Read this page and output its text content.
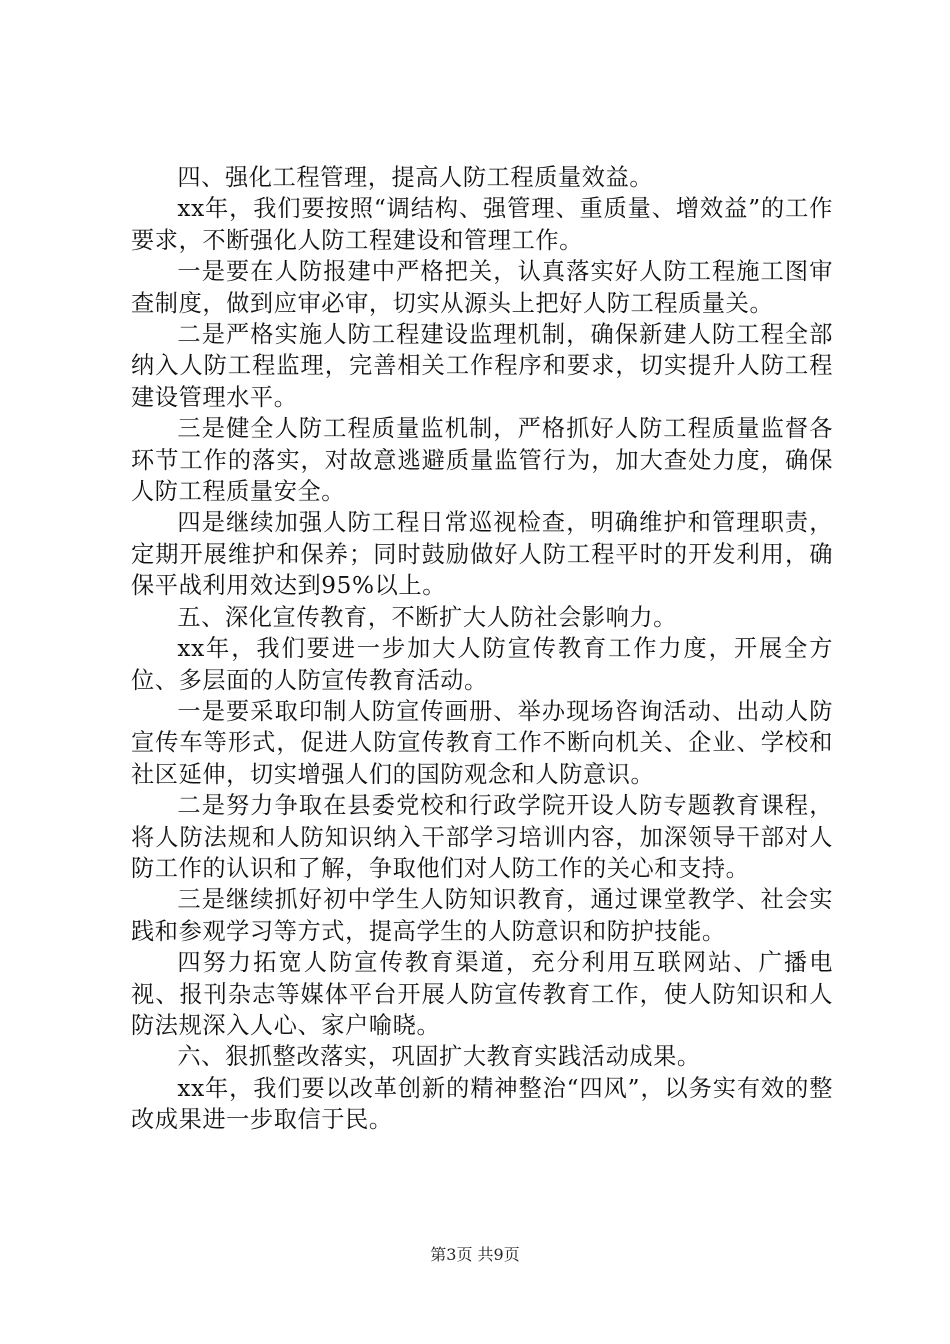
四、强化工程管理，提高人防工程质量效益。

xx年，我们要按照“调结构、强管理、重质量、增效益”的工作要求，不断强化人防工程建设和管理工作。

一是要在人防报建中严格把关，认真落实好人防工程施工图审查制度，做到应审必审，切实从源头上把好人防工程质量关。

二是严格实施人防工程建设监理机制，确保新建人防工程全部纳入人防工程监理，完善相关工作程序和要求，切实提升人防工程建设管理水平。

三是健全人防工程质量监机制，严格抓好人防工程质量监督各环节工作的落实，对故意逃避质量监管行为，加大查处力度，确保人防工程质量安全。

四是继续加强人防工程日常巡视检查，明确维护和管理职责，定期开展维护和保养；同时鼓励做好人防工程平时的开发利用，确保平战利用效达到95%以上。

五、深化宣传教育，不断扩大人防社会影响力。

xx年，我们要进一步加大人防宣传教育工作力度，开展全方位、多层面的人防宣传教育活动。

一是要采取印制人防宣传画册、举办现场咨询活动、出动人防宣传车等形式，促进人防宣传教育工作不断向机关、企业、学校和社区延伸，切实增强人们的国防观念和人防意识。

二是努力争取在县委党校和行政学院开设人防专题教育课程，将人防法规和人防知识纳入干部学习培训内容，加深领导干部对人防工作的认识和了解，争取他们对人防工作的关心和支持。

三是继续抓好初中学生人防知识教育，通过课堂教学、社会实践和参观学习等方式，提高学生的人防意识和防护技能。

四努力拓宽人防宣传教育渠道，充分利用互联网站、广播电视、报刊杂志等媒体平台开展人防宣传教育工作，使人防知识和人防法规深入人心、家户喻晓。

六、狠抓整改落实，巩固扩大教育实践活动成果。

xx年，我们要以改革创新的精神整治“四风”，以务实有效的整改成果进一步取信于民。

第3页 共9页
